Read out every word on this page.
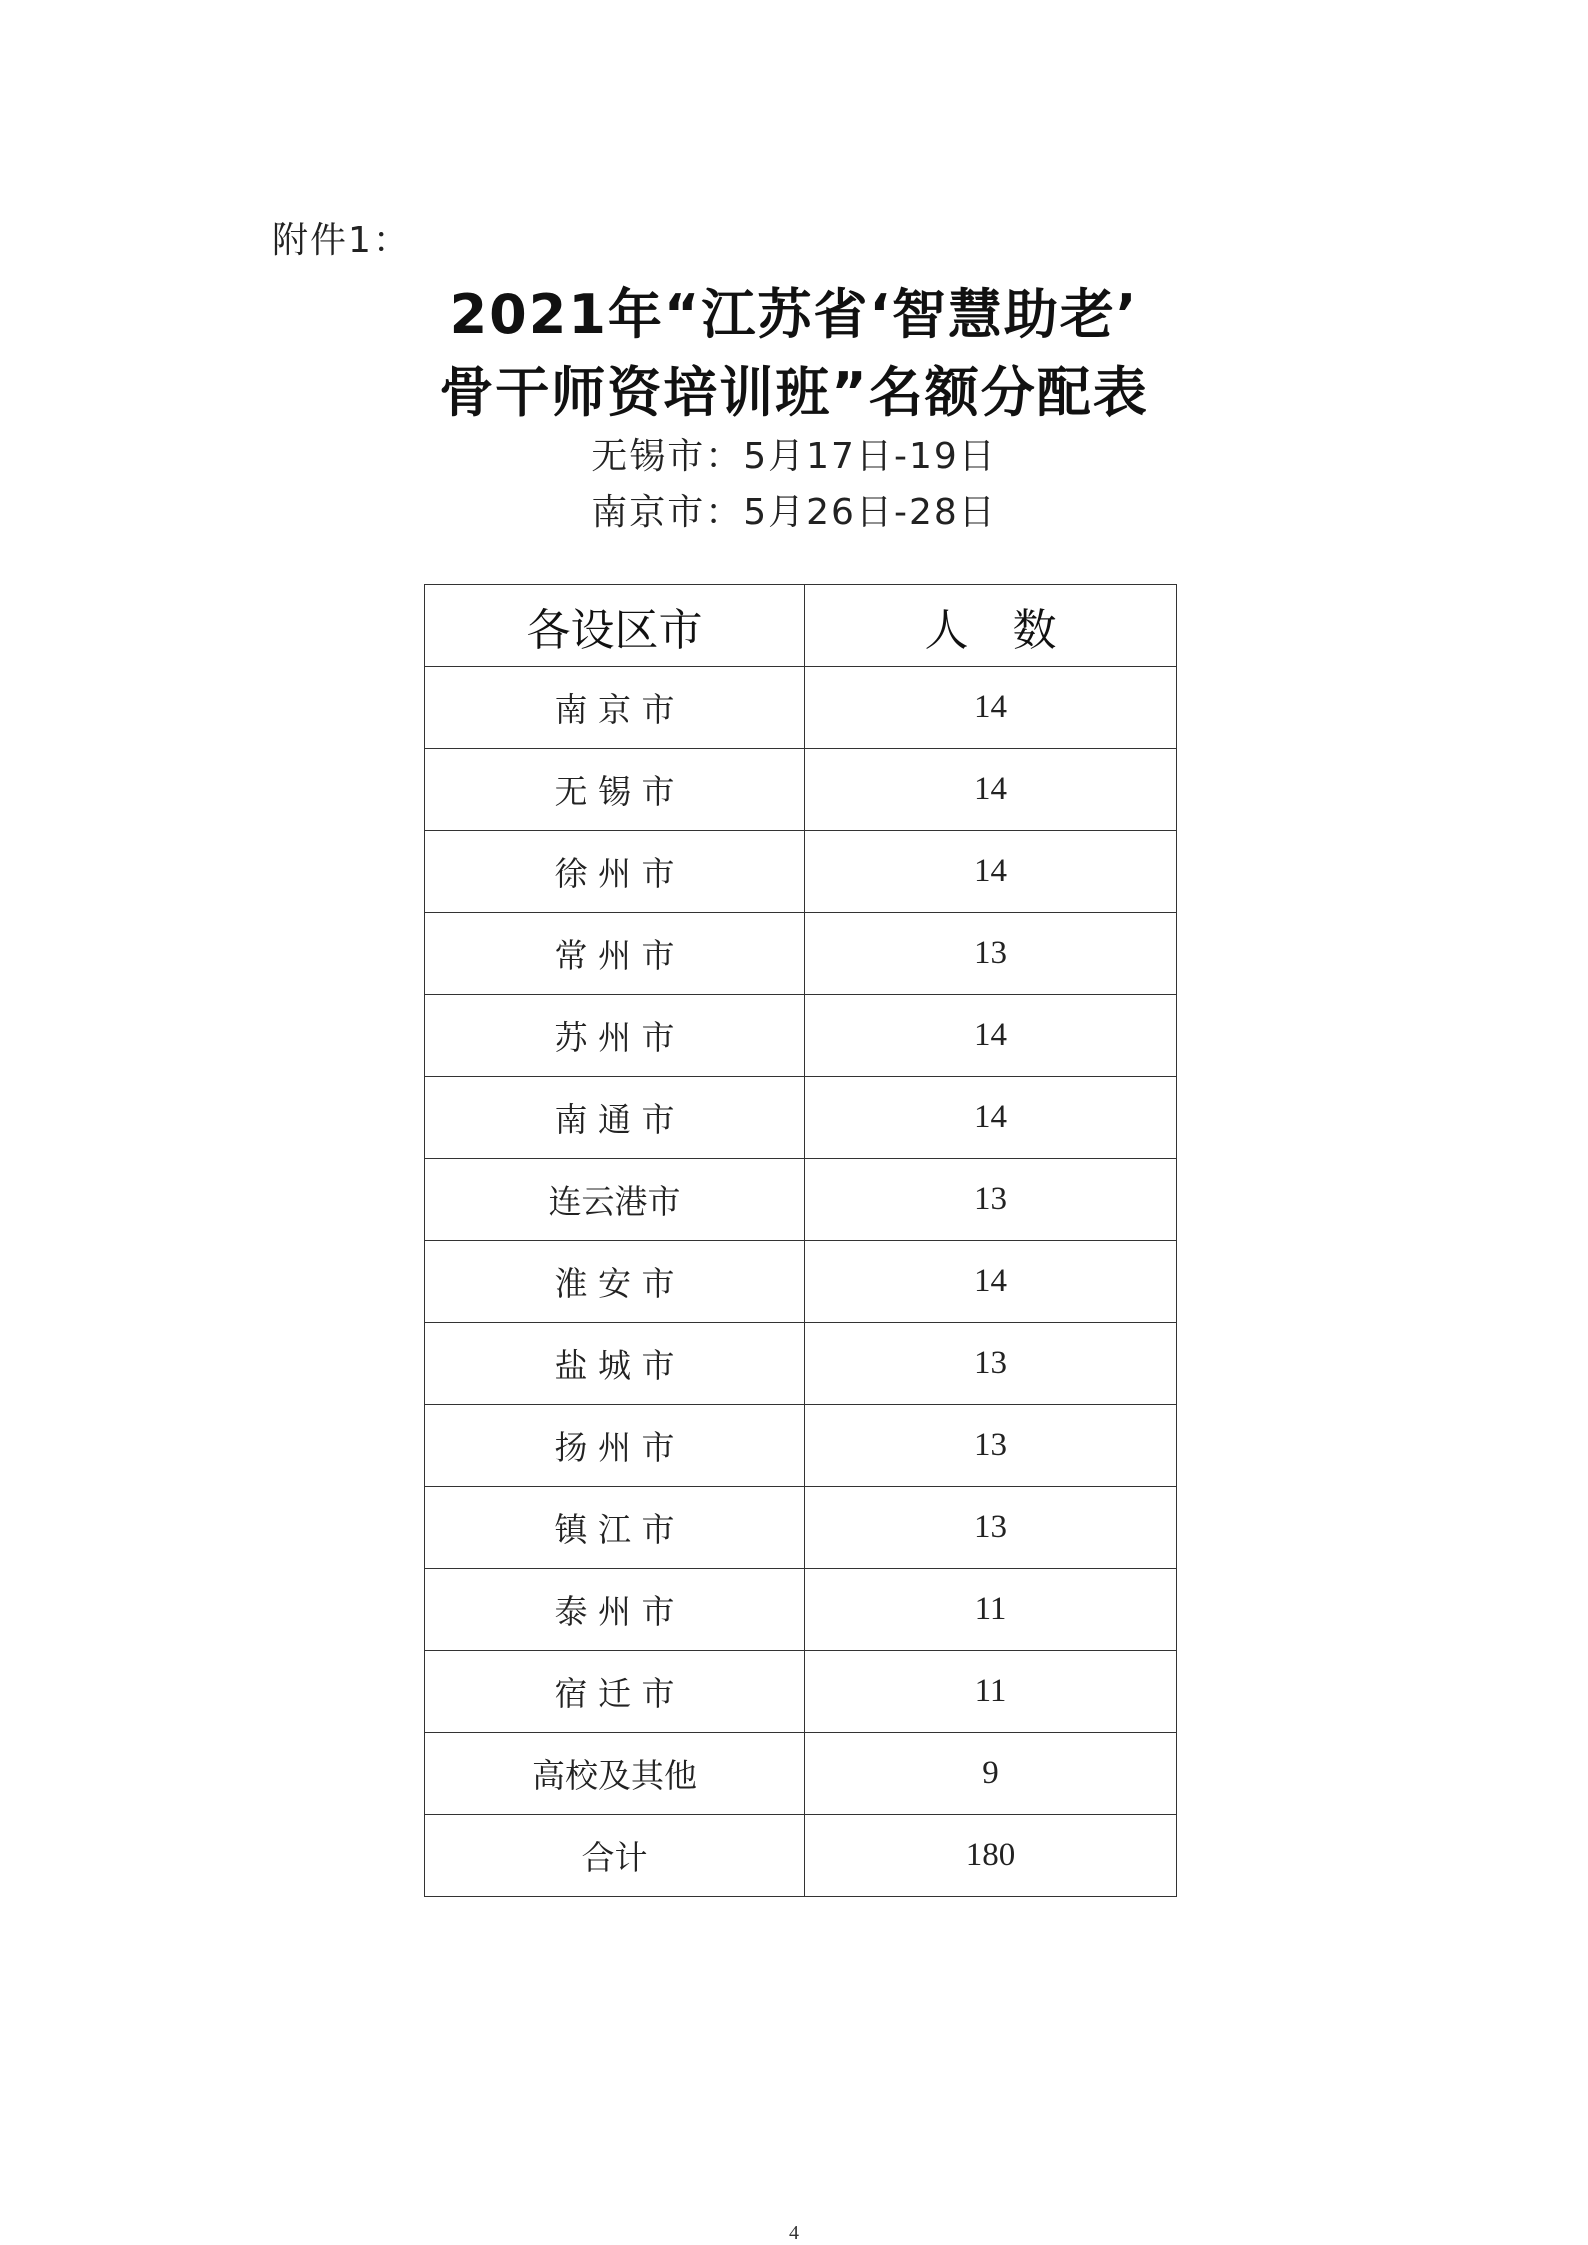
附件1：
2021年“江苏省‘智慧助老’
骨干师资培训班”名额分配表
无锡市：5月17日-19日
南京市：5月26日-28日
各设区市	人　数
南 京 市	14
无 锡 市	14
徐 州 市	14
常 州 市	13
苏 州 市	14
南 通 市	14
连云港市	13
淮 安 市	14
盐 城 市	13
扬 州 市	13
镇 江 市	13
泰 州 市	11
宿 迁 市	11
高校及其他	9
合计	180
4
